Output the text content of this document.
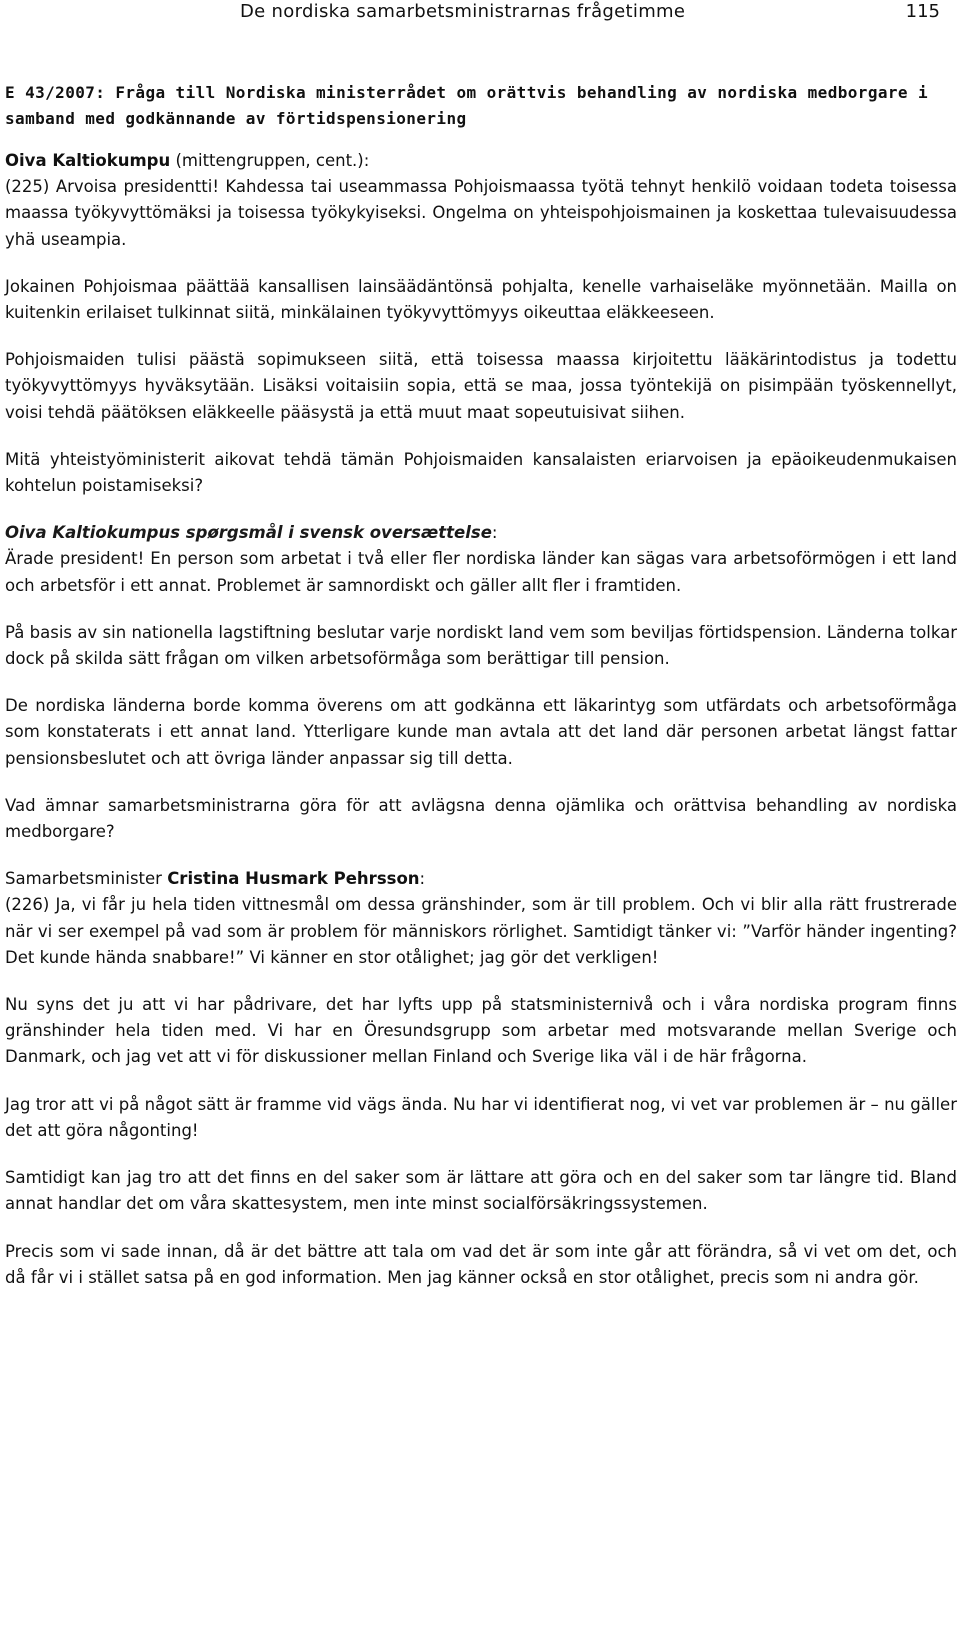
De nordiska samarbetsministrarnas frågetimme	115
E 43/2007: Fråga till Nordiska ministerrådet om orättvis behandling av nordiska medborgare i samband med godkännande av förtidspensionering
Oiva Kaltiokumpu (mittengruppen, cent.):

(225) Arvoisa presidentti! Kahdessa tai useammassa Pohjoismaassa työtä tehnyt henkilö voidaan todeta toisessa maassa työkyvyttömäksi ja toisessa työkykyiseksi. Ongelma on yhteispohjoismainen ja koskettaa tulevaisuudessa yhä useampia.

Jokainen Pohjoismaa päättää kansallisen lainsäädäntönsä pohjalta, kenelle varhaiseläke myönnetään. Mailla on kuitenkin erilaiset tulkinnat siitä, minkälainen työkyvyttömyys oikeuttaa eläkkeeseen.

Pohjoismaiden tulisi päästä sopimukseen siitä, että toisessa maassa kirjoitettu lääkärintodistus ja todettu työkyvyttömyys hyväksytään. Lisäksi voitaisiin sopia, että se maa, jossa työntekijä on pisimpään työskennellyt, voisi tehdä päätöksen eläkkeelle pääsystä ja että muut maat sopeutuisivat siihen.

Mitä yhteistyöministerit aikovat tehdä tämän Pohjoismaiden kansalaisten eriarvoisen ja epäoikeudenmukaisen kohtelun poistamiseksi?

Oiva Kaltiokumpus spørgsmål i svensk oversættelse:

Ärade president! En person som arbetat i två eller fler nordiska länder kan sägas vara arbetsoförmögen i ett land och arbetsför i ett annat. Problemet är samnordiskt och gäller allt fler i framtiden.

På basis av sin nationella lagstiftning beslutar varje nordiskt land vem som beviljas förtidspension. Länderna tolkar dock på skilda sätt frågan om vilken arbetsoförmåga som berättigar till pension.

De nordiska länderna borde komma överens om att godkänna ett läkarintyg som utfärdats och arbetsoförmåga som konstaterats i ett annat land. Ytterligare kunde man avtala att det land där personen arbetat längst fattar pensionsbeslutet och att övriga länder anpassar sig till detta.

Vad ämnar samarbetsministrarna göra för att avlägsna denna ojämlika och orättvisa behandling av nordiska medborgare?

Samarbetsminister Cristina Husmark Pehrsson:

(226) Ja, vi får ju hela tiden vittnesmål om dessa gränshinder, som är till problem. Och vi blir alla rätt frustrerade när vi ser exempel på vad som är problem för människors rörlighet. Samtidigt tänker vi: ”Varför händer ingenting? Det kunde hända snabbare!” Vi känner en stor otålighet; jag gör det verkligen!

Nu syns det ju att vi har pådrivare, det har lyfts upp på statsministernivå och i våra nordiska program finns gränshinder hela tiden med. Vi har en Öresundsgrupp som arbetar med motsvarande mellan Sverige och Danmark, och jag vet att vi för diskussioner mellan Finland och Sverige lika väl i de här frågorna.

Jag tror att vi på något sätt är framme vid vägs ända. Nu har vi identifierat nog, vi vet var problemen är – nu gäller det att göra någonting!

Samtidigt kan jag tro att det finns en del saker som är lättare att göra och en del saker som tar längre tid. Bland annat handlar det om våra skattesystem, men inte minst socialförsäkringssystemen.

Precis som vi sade innan, då är det bättre att tala om vad det är som inte går att förändra, så vi vet om det, och då får vi i stället satsa på en god information. Men jag känner också en stor otålighet, precis som ni andra gör.
